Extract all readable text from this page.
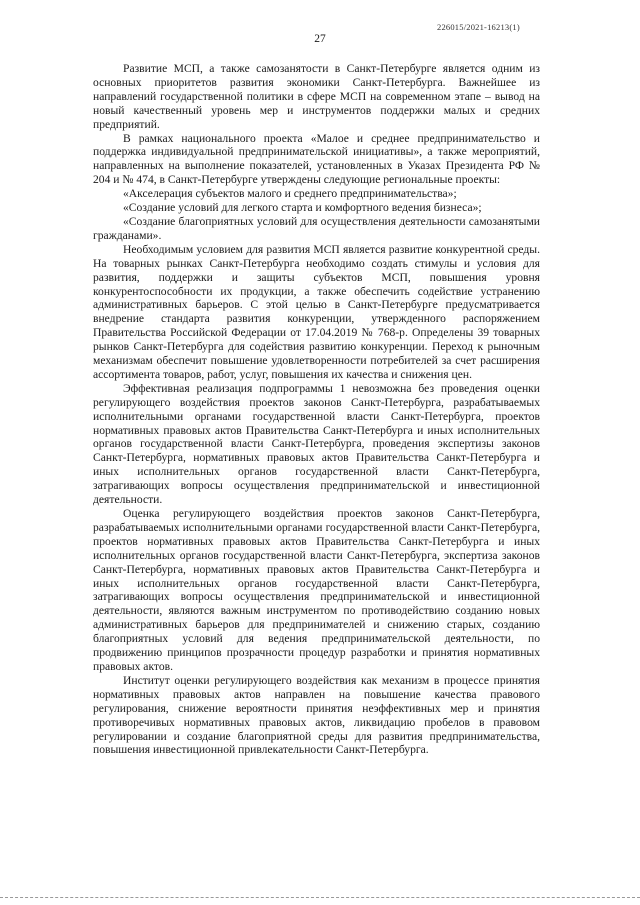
226015/2021-16213(1)
27

Развитие МСП, а также самозанятости в Санкт-Петербурге является одним из основных приоритетов развития экономики Санкт-Петербурга. Важнейшее из направлений государственной политики в сфере МСП на современном этапе – вывод на новый качественный уровень мер и инструментов поддержки малых и средних предприятий.

В рамках национального проекта «Малое и среднее предпринимательство и поддержка индивидуальной предпринимательской инициативы», а также мероприятий, направленных на выполнение показателей, установленных в Указах Президента РФ № 204 и № 474, в Санкт-Петербурге утверждены следующие региональные проекты:

«Акселерация субъектов малого и среднего предпринимательства»;

«Создание условий для легкого старта и комфортного ведения бизнеса»;

«Создание благоприятных условий для осуществления деятельности самозанятыми гражданами».

Необходимым условием для развития МСП является развитие конкурентной среды. На товарных рынках Санкт-Петербурга необходимо создать стимулы и условия для развития, поддержки и защиты субъектов МСП, повышения уровня конкурентоспособности их продукции, а также обеспечить содействие устранению административных барьеров. С этой целью в Санкт-Петербурге предусматривается внедрение стандарта развития конкуренции, утвержденного распоряжением Правительства Российской Федерации от 17.04.2019 № 768-р. Определены 39 товарных рынков Санкт-Петербурга для содействия развитию конкуренции. Переход к рыночным механизмам обеспечит повышение удовлетворенности потребителей за счет расширения ассортимента товаров, работ, услуг, повышения их качества и снижения цен.

Эффективная реализация подпрограммы 1 невозможна без проведения оценки регулирующего воздействия проектов законов Санкт-Петербурга, разрабатываемых исполнительными органами государственной власти Санкт-Петербурга, проектов нормативных правовых актов Правительства Санкт-Петербурга и иных исполнительных органов государственной власти Санкт-Петербурга, проведения экспертизы законов Санкт-Петербурга, нормативных правовых актов Правительства Санкт-Петербурга и иных исполнительных органов государственной власти Санкт-Петербурга, затрагивающих вопросы осуществления предпринимательской и инвестиционной деятельности.

Оценка регулирующего воздействия проектов законов Санкт-Петербурга, разрабатываемых исполнительными органами государственной власти Санкт-Петербурга, проектов нормативных правовых актов Правительства Санкт-Петербурга и иных исполнительных органов государственной власти Санкт-Петербурга, экспертиза законов Санкт-Петербурга, нормативных правовых актов Правительства Санкт-Петербурга и иных исполнительных органов государственной власти Санкт-Петербурга, затрагивающих вопросы осуществления предпринимательской и инвестиционной деятельности, являются важным инструментом по противодействию созданию новых административных барьеров для предпринимателей и снижению старых, созданию благоприятных условий для ведения предпринимательской деятельности, по продвижению принципов прозрачности процедур разработки и принятия нормативных правовых актов.

Институт оценки регулирующего воздействия как механизм в процессе принятия нормативных правовых актов направлен на повышение качества правового регулирования, снижение вероятности принятия неэффективных мер и принятия противоречивых нормативных правовых актов, ликвидацию пробелов в правовом регулировании и создание благоприятной среды для развития предпринимательства, повышения инвестиционной привлекательности Санкт-Петербурга.
